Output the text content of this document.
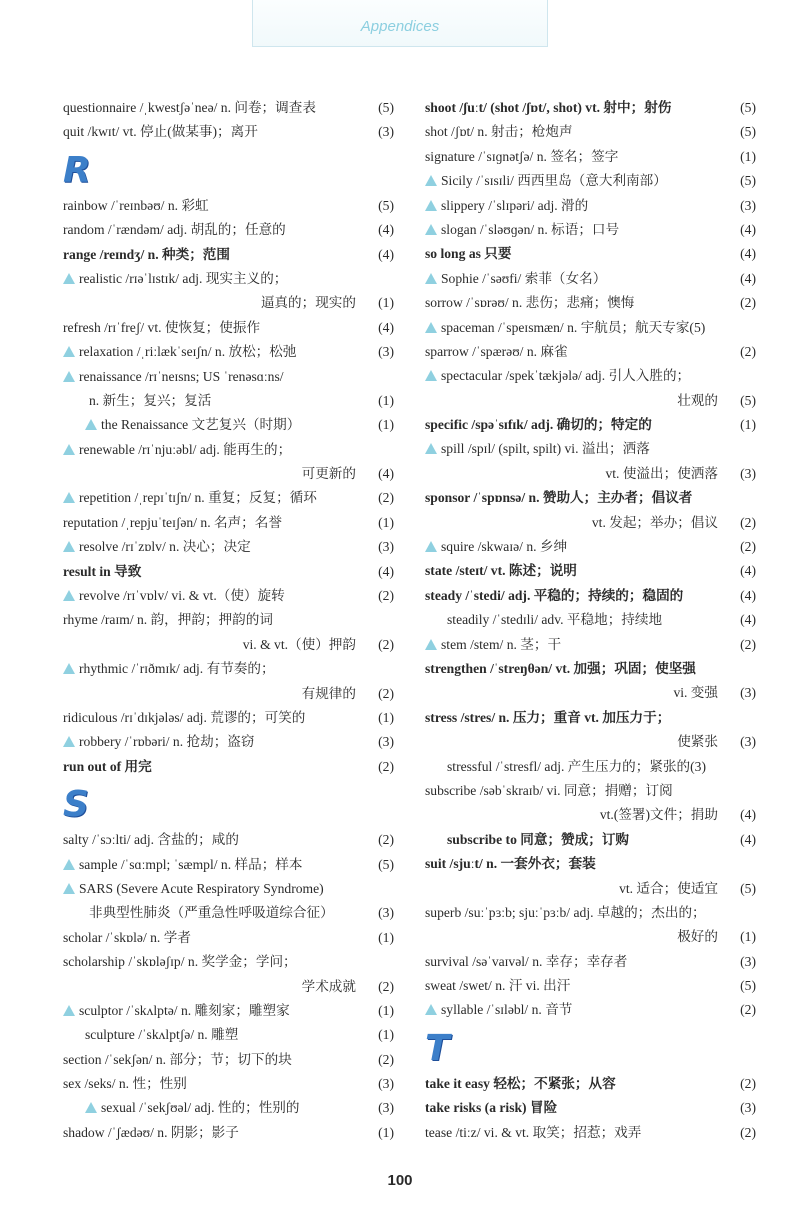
Appendices
questionnaire /ˌkwestʃəˈneə/ n. 问卷；调查表	(5)
quit /kwɪt/ vt. 停止(做某事)；离开	(3)
R
rainbow /ˈreɪnbəʊ/ n. 彩虹	(5)
random /ˈrændəm/ adj. 胡乱的；任意的	(4)
range /reɪndʒ/ n. 种类；范围	(4)
realistic /rɪəˈlɪstɪk/ adj. 现实主义的；
逼真的；现实的 (1)
refresh /rɪˈfreʃ/ vt. 使恢复；使振作	(4)
relaxation /ˌriːlækˈseɪʃn/ n. 放松；松弛	(3)
renaissance /rɪˈneɪsns; US ˈrenəsɑːns/
n. 新生；复兴；复活	(1)
the Renaissance 文艺复兴（时期）	(1)
renewable /rɪˈnjuːəbl/ adj. 能再生的；
可更新的 (4)
repetition /ˌrepɪˈtɪʃn/ n. 重复；反复；循环	(2)
reputation /ˌrepjuˈteɪʃən/ n. 名声；名誉	(1)
resolve /rɪˈzɒlv/ n. 决心；决定	(3)
result in 导致	(4)
revolve /rɪˈvɒlv/ vi. & vt.（使）旋转	(2)
rhyme /raɪm/ n. 韵，押韵；押韵的词
vi. & vt.（使）押韵 (2)
rhythmic /ˈrɪðmɪk/ adj. 有节奏的；
有规律的 (2)
ridiculous /rɪˈdɪkjələs/ adj. 荒谬的；可笑的	(1)
robbery /ˈrɒbəri/ n. 抢劫；盗窃	(3)
run out of 用完	(2)
S
salty /ˈsɔːlti/ adj. 含盐的；咸的	(2)
sample /ˈsɑːmpl; ˈsæmpl/ n. 样品；样本	(5)
SARS (Severe Acute Respiratory Syndrome)
非典型性肺炎（严重急性呼吸道综合征）	(3)
scholar /ˈskɒlə/ n. 学者	(1)
scholarship /ˈskɒləʃɪp/ n. 奖学金；学问；
学术成就 (2)
sculptor /ˈskʌlptə/ n. 雕刻家；雕塑家	(1)
sculpture /ˈskʌlptʃə/ n. 雕塑	(1)
section /ˈsekʃən/ n. 部分；节；切下的块	(2)
sex /seks/ n. 性；性别	(3)
sexual /ˈsekʃʊəl/ adj. 性的；性别的	(3)
shadow /ˈʃædəʊ/ n. 阴影；影子	(1)
shoot /ʃuːt/ (shot /ʃɒt/, shot) vt. 射中；射伤	(5)
shot /ʃɒt/ n. 射击；枪炮声	(5)
signature /ˈsɪɡnətʃə/ n. 签名；签字	(1)
Sicily /ˈsɪsɪli/ 西西里岛（意大利南部）	(5)
slippery /ˈslɪpəri/ adj. 滑的	(3)
slogan /ˈsləʊɡən/ n. 标语；口号	(4)
so long as 只要	(4)
Sophie /ˈsəʊfi/ 索菲（女名）	(4)
sorrow /ˈsɒrəʊ/ n. 悲伤；悲痛；懊悔	(2)
spaceman /ˈspeɪsmæn/ n. 宇航员；航天专家(5)
sparrow /ˈspærəʊ/ n. 麻雀	(2)
spectacular /spekˈtækjələ/ adj. 引人入胜的；
壮观的 (5)
specific /spəˈsɪfɪk/ adj. 确切的；特定的	(1)
spill /spɪl/ (spilt, spilt) vi. 溢出；洒落
vt. 使溢出；使洒落 (3)
sponsor /ˈspɒnsə/ n. 赞助人；主办者；倡议者
vt. 发起；举办；倡议 (2)
squire /skwaɪə/ n. 乡绅	(2)
state /steɪt/ vt. 陈述；说明	(4)
steady /ˈstedi/ adj. 平稳的；持续的；稳固的	(4)
steadily /ˈstedɪli/ adv. 平稳地；持续地	(4)
stem /stem/ n. 茎；干	(2)
strengthen /ˈstreŋθən/ vt. 加强；巩固；使坚强
vi. 变强 (3)
stress /stres/ n. 压力；重音 vt. 加压力于；
使紧张 (3)
stressful /ˈstresfl/ adj. 产生压力的；紧张的(3)
subscribe /səbˈskraɪb/ vi. 同意；捐赠；订阅
vt.(签署)文件；捐助 (4)
subscribe to 同意；赞成；订购	(4)
suit /sjuːt/ n. 一套外衣；套装
vt. 适合；使适宜 (5)
superb /suːˈpɜːb; sjuːˈpɜːb/ adj. 卓越的；杰出的；
极好的 (1)
survival /səˈvaɪvəl/ n. 幸存；幸存者	(3)
sweat /swet/ n. 汗 vi. 出汗	(5)
syllable /ˈsɪləbl/ n. 音节	(2)
T
take it easy 轻松；不紧张；从容	(2)
take risks (a risk) 冒险	(3)
tease /tiːz/ vi. & vt. 取笑；招惹；戏弄	(2)
100
